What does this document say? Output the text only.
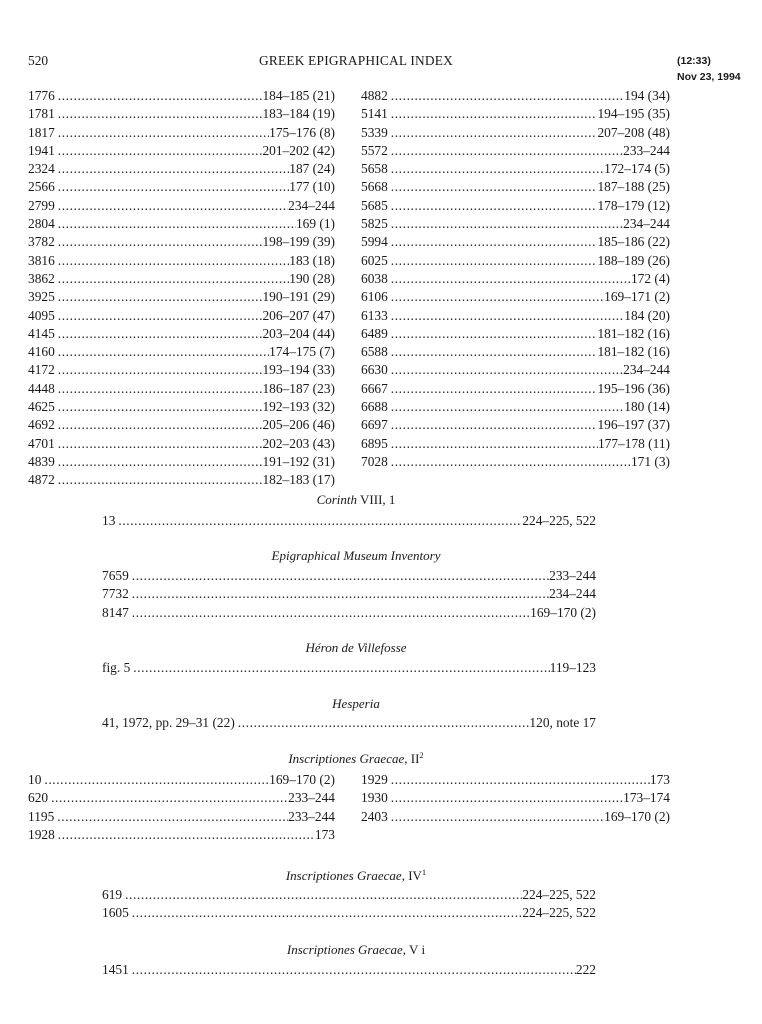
520	GREEK EPIGRAPHICAL INDEX	(12:33)
Nov 23, 1994
1776 .....	184–185 (21)
1781 .....	183–184 (19)
1817 .....	175–176 (8)
1941 .....	201–202 (42)
2324 .....	187 (24)
2566 .....	177 (10)
2799 .....	234–244
2804 .....	169 (1)
3782 .....	198–199 (39)
3816 .....	183 (18)
3862 .....	190 (28)
3925 .....	190–191 (29)
4095 .....	206–207 (47)
4145 .....	203–204 (44)
4160 .....	174–175 (7)
4172 .....	193–194 (33)
4448 .....	186–187 (23)
4625 .....	192–193 (32)
4692 .....	205–206 (46)
4701 .....	202–203 (43)
4839 .....	191–192 (31)
4872 .....	182–183 (17)
4882 .....	194 (34)
5141 .....	194–195 (35)
5339 .....	207–208 (48)
5572 .....	233–244
5658 .....	172–174 (5)
5668 .....	187–188 (25)
5685 .....	178–179 (12)
5825 .....	234–244
5994 .....	185–186 (22)
6025 .....	188–189 (26)
6038 .....	172 (4)
6106 .....	169–171 (2)
6133 .....	184 (20)
6489 .....	181–182 (16)
6588 .....	181–182 (16)
6630 .....	234–244
6667 .....	195–196 (36)
6688 .....	180 (14)
6697 .....	196–197 (37)
6895 .....	177–178 (11)
7028 .....	171 (3)
Corinth VIII, 1
13 .....	224–225, 522
Epigraphical Museum Inventory
7659 .....	233–244
7732 .....	234–244
8147 .....	169–170 (2)
Héron de Villefosse
fig. 5 .....	119–123
Hesperia
41, 1972, pp. 29–31 (22) .....	120, note 17
Inscriptiones Graecae, $II^2$
10 .....	169–170 (2)
620 .....	233–244
1195 .....	233–244
1928 .....	173
1929 .....	173
1930 .....	173–174
2403 .....	169–170 (2)
Inscriptiones Graecae, $IV^1$
619 .....	224–225, 522
1605 .....	224–225, 522
Inscriptiones Graecae, V i
1451 .....	222
